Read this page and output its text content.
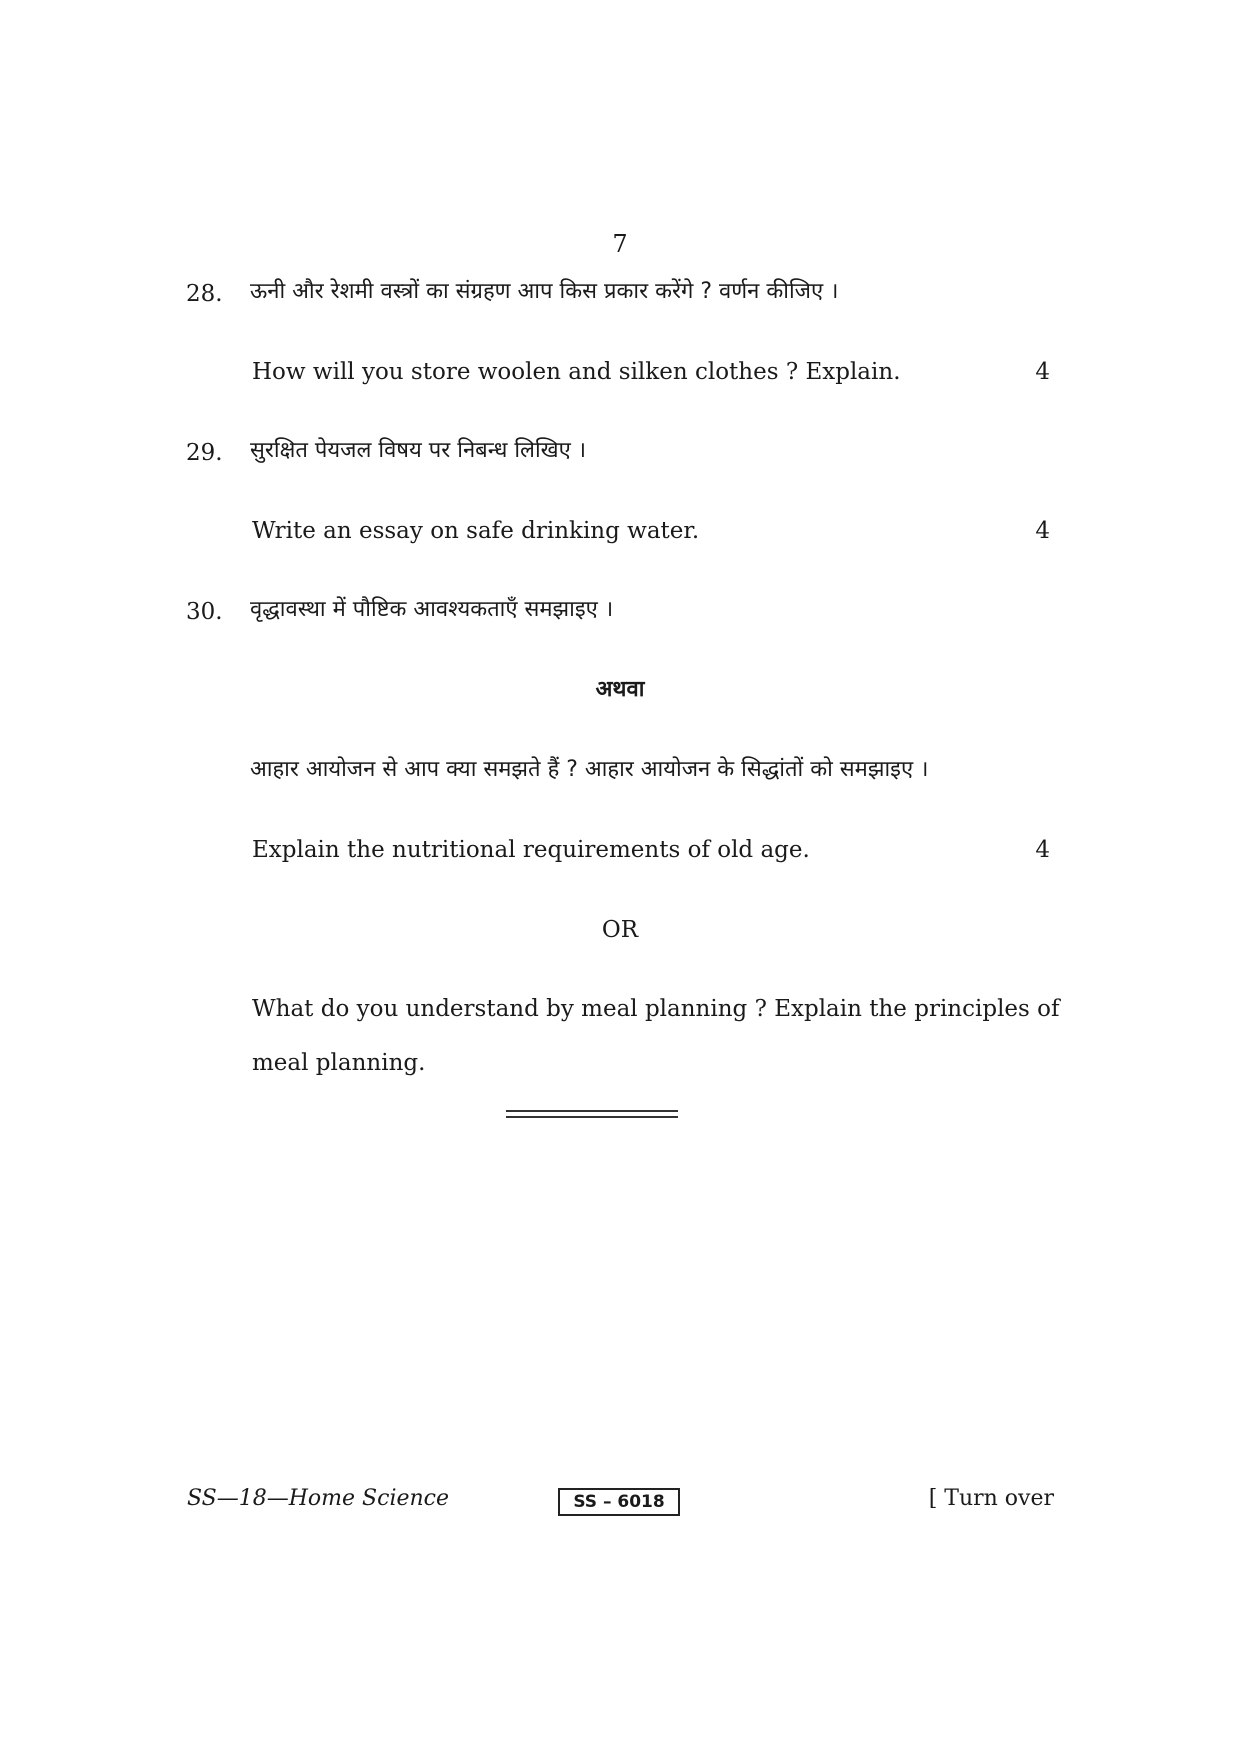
7
28. ऊनी और रेशमी वस्त्रों का संग्रहण आप किस प्रकार करेंगे ? वर्णन कीजिए ।
How will you store woolen and silken clothes ? Explain.	4
29. सुरक्षित पेयजल विषय पर निबन्ध लिखिए ।
Write an essay on safe drinking water.	4
30. वृद्धावस्था में पौष्टिक आवश्यकताएँ समझाइए ।
अथवा
आहार आयोजन से आप क्या समझते हैं ? आहार आयोजन के सिद्धांतों को समझाइए ।
Explain the nutritional requirements of old age.	4
OR
What do you understand by meal planning ? Explain the principles of
meal planning.
SS—18—Home Science	SS – 6018	[ Turn over
